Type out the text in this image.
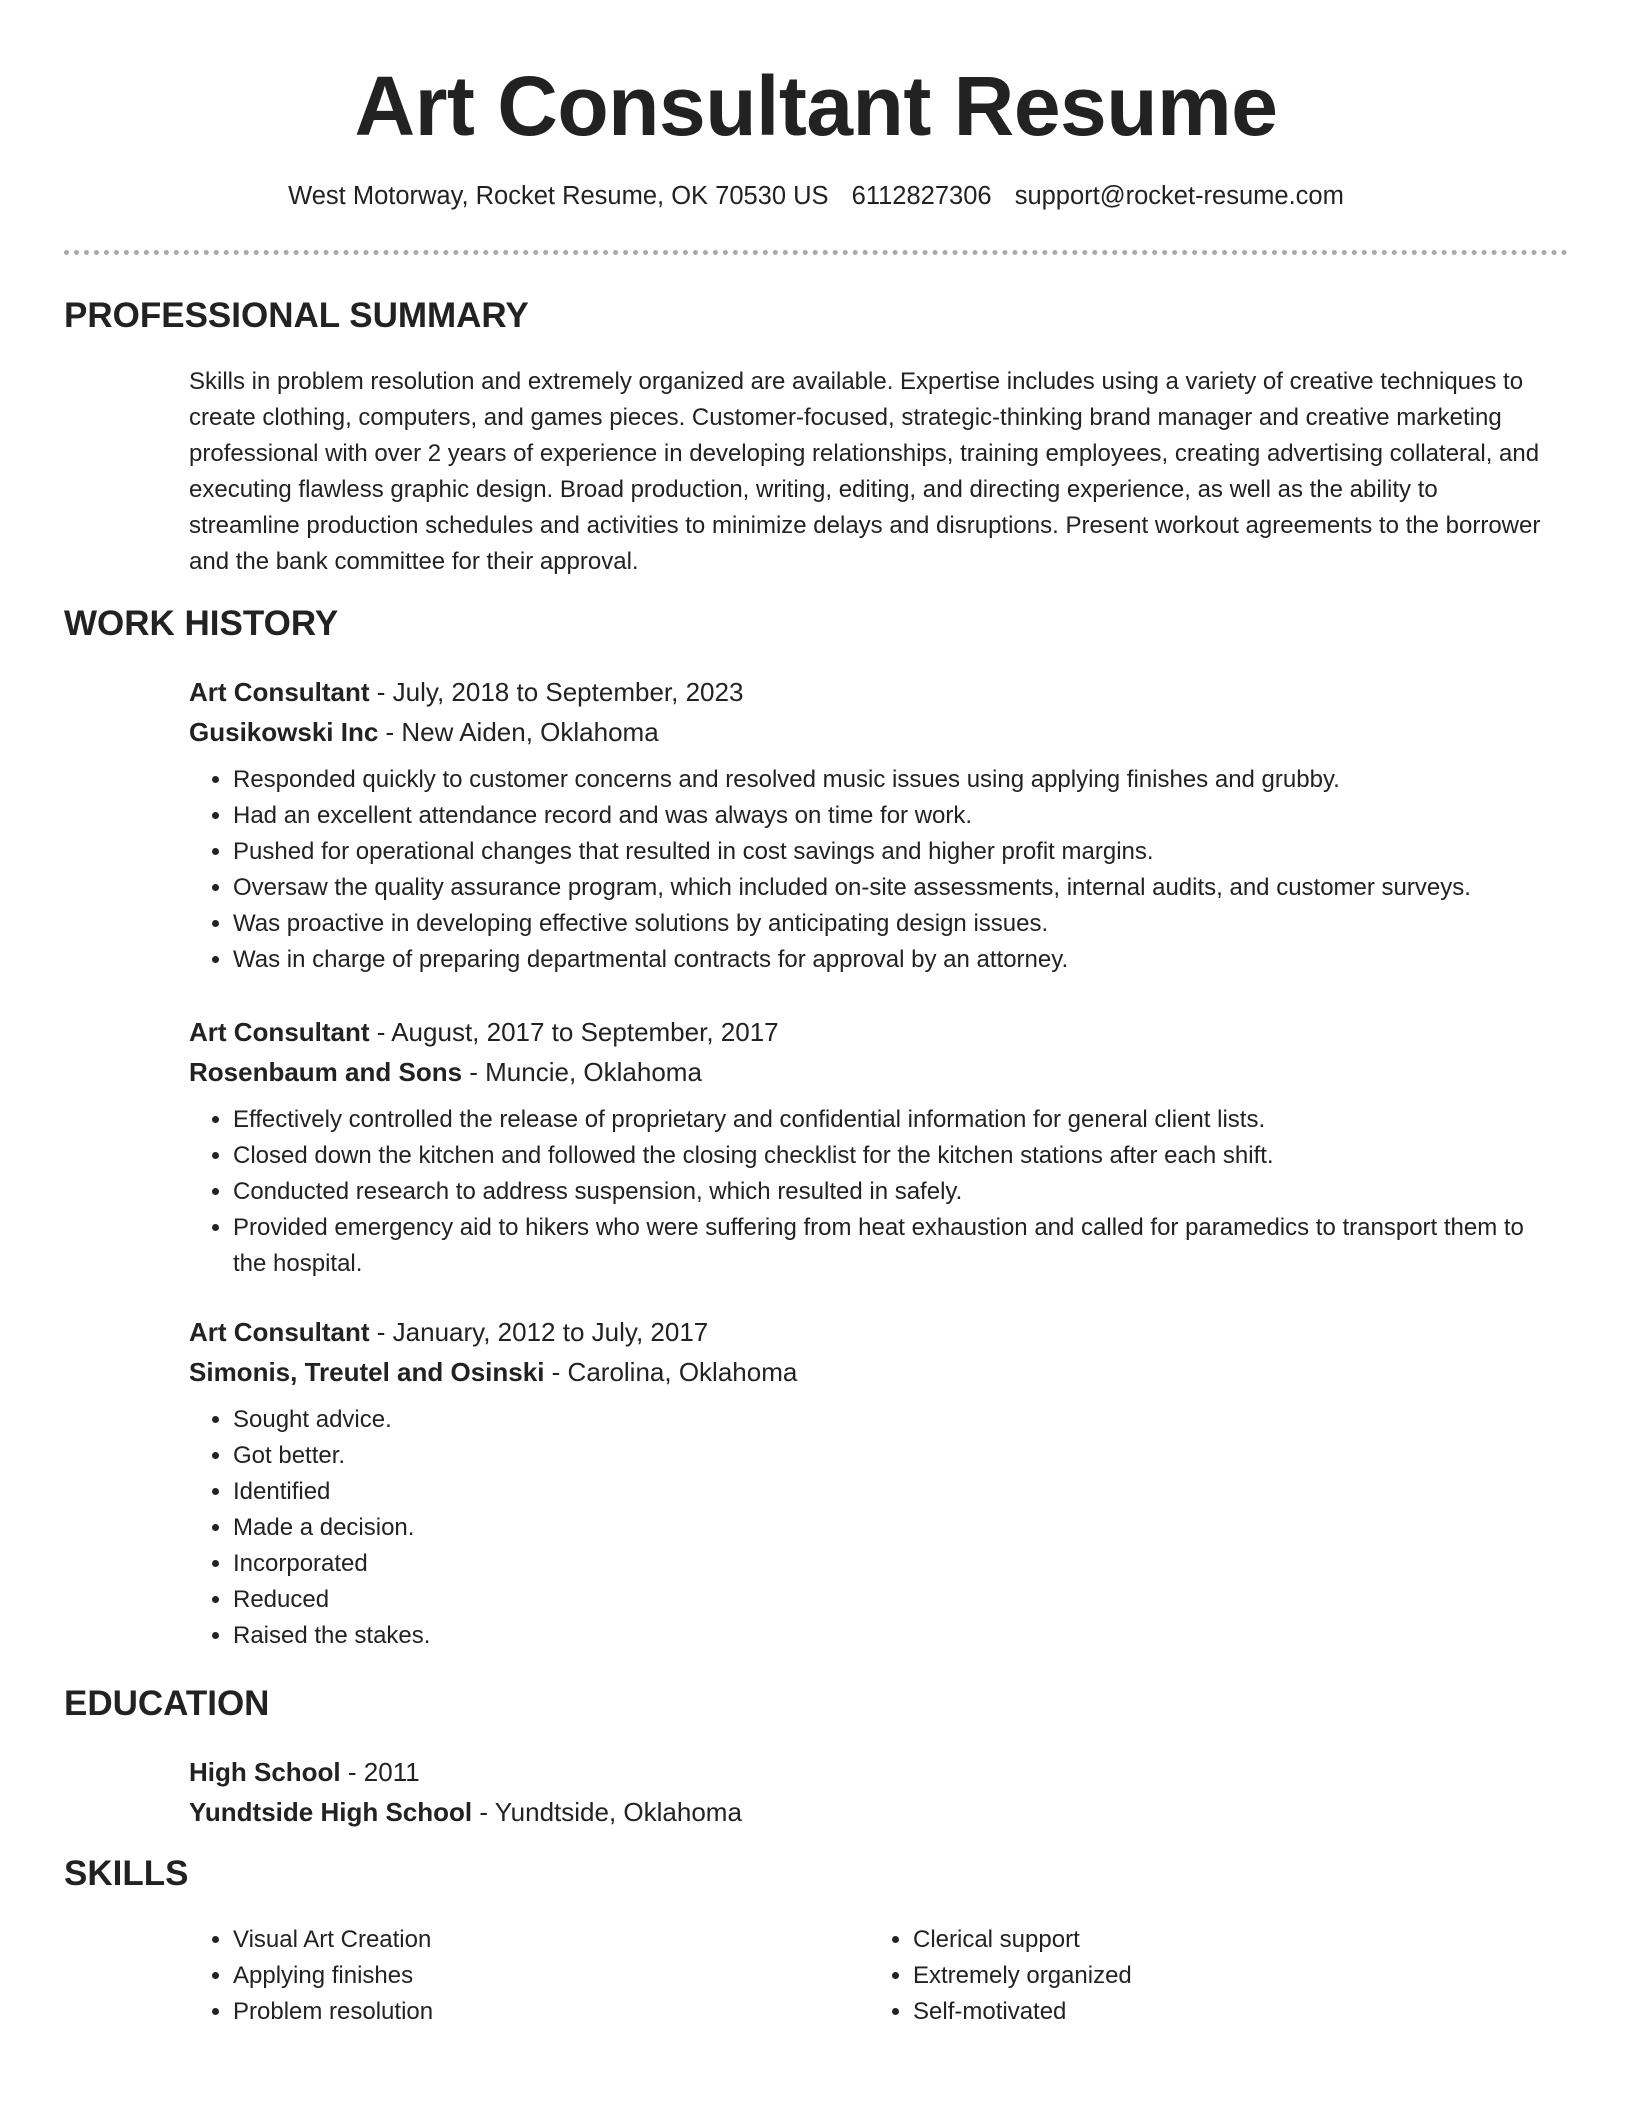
Art Consultant Resume
West Motorway, Rocket Resume, OK 70530 US 6112827306 support@rocket-resume.com
PROFESSIONAL SUMMARY
Skills in problem resolution and extremely organized are available. Expertise includes using a variety of creative techniques to create clothing, computers, and games pieces. Customer-focused, strategic-thinking brand manager and creative marketing professional with over 2 years of experience in developing relationships, training employees, creating advertising collateral, and executing flawless graphic design. Broad production, writing, editing, and directing experience, as well as the ability to streamline production schedules and activities to minimize delays and disruptions. Present workout agreements to the borrower and the bank committee for their approval.
WORK HISTORY
Art Consultant - July, 2018 to September, 2023
Gusikowski Inc - New Aiden, Oklahoma
• Responded quickly to customer concerns and resolved music issues using applying finishes and grubby.
• Had an excellent attendance record and was always on time for work.
• Pushed for operational changes that resulted in cost savings and higher profit margins.
• Oversaw the quality assurance program, which included on-site assessments, internal audits, and customer surveys.
• Was proactive in developing effective solutions by anticipating design issues.
• Was in charge of preparing departmental contracts for approval by an attorney.
Art Consultant - August, 2017 to September, 2017
Rosenbaum and Sons - Muncie, Oklahoma
• Effectively controlled the release of proprietary and confidential information for general client lists.
• Closed down the kitchen and followed the closing checklist for the kitchen stations after each shift.
• Conducted research to address suspension, which resulted in safely.
• Provided emergency aid to hikers who were suffering from heat exhaustion and called for paramedics to transport them to the hospital.
Art Consultant - January, 2012 to July, 2017
Simonis, Treutel and Osinski - Carolina, Oklahoma
• Sought advice.
• Got better.
• Identified
• Made a decision.
• Incorporated
• Reduced
• Raised the stakes.
EDUCATION
High School - 2011
Yundtside High School - Yundtside, Oklahoma
SKILLS
• Visual Art Creation
• Applying finishes
• Problem resolution
• Clerical support
• Extremely organized
• Self-motivated
